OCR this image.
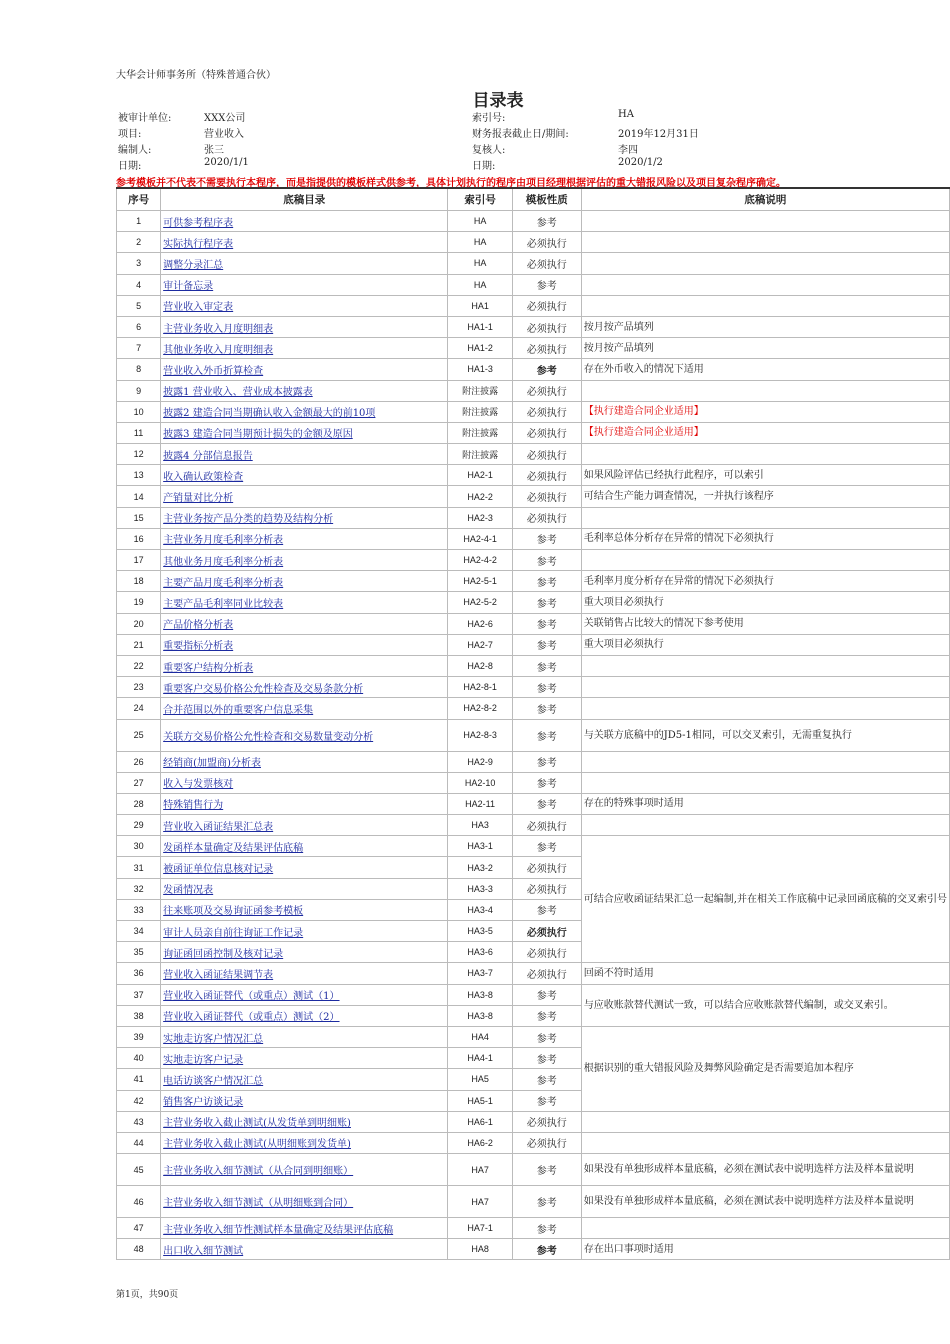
大华会计师事务所（特殊普通合伙）
目录表
被审计单位:	XXX公司
项目:	营业收入
编制人:	张三
日期:	2020/1/1
索引号:	HA
财务报表截止日/期间:	2019年12月31日
复核人:	李四
日期:	2020/1/2
参考模板并不代表不需要执行本程序，而是指提供的模板样式供参考，具体计划执行的程序由项目经理根据评估的重大错报风险以及项目复杂程序确定。
序号	底稿目录	索引号	模板性质	底稿说明
1	可供参考程序表	HA	参考	
2	实际执行程序表	HA	必须执行	
3	调整分录汇总	HA	必须执行	
4	审计备忘录	HA	参考	
5	营业收入审定表	HA1	必须执行	
6	主营业务收入月度明细表	HA1-1	必须执行	按月按产品填列
7	其他业务收入月度明细表	HA1-2	必须执行	按月按产品填列
8	营业收入外币折算检查	HA1-3	参考	存在外币收入的情况下适用
9	披露1 营业收入、营业成本披露表	附注披露	必须执行	
10	披露2 建造合同当期确认收入金额最大的前10项	附注披露	必须执行	【执行建造合同企业适用】
11	披露3 建造合同当期预计损失的金额及原因	附注披露	必须执行	【执行建造合同企业适用】
12	披露4 分部信息报告	附注披露	必须执行	
13	收入确认政策检查	HA2-1	必须执行	如果风险评估已经执行此程序，可以索引
14	产销量对比分析	HA2-2	必须执行	可结合生产能力调查情况，一并执行该程序
15	主营业务按产品分类的趋势及结构分析	HA2-3	必须执行	
16	主营业务月度毛利率分析表	HA2-4-1	参考	毛利率总体分析存在异常的情况下必须执行
17	其他业务月度毛利率分析表	HA2-4-2	参考	
18	主要产品月度毛利率分析表	HA2-5-1	参考	毛利率月度分析存在异常的情况下必须执行
19	主要产品毛利率同业比较表	HA2-5-2	参考	重大项目必须执行
20	产品价格分析表	HA2-6	参考	关联销售占比较大的情况下参考使用
21	重要指标分析表	HA2-7	参考	重大项目必须执行
22	重要客户结构分析表	HA2-8	参考	
23	重要客户交易价格公允性检查及交易条款分析	HA2-8-1	参考	
24	合并范围以外的重要客户信息采集	HA2-8-2	参考	
25	关联方交易价格公允性检查和交易数量变动分析	HA2-8-3	参考	与关联方底稿中的JD5-1相同，可以交叉索引，无需重复执行
26	经销商(加盟商)分析表	HA2-9	参考	
27	收入与发票核对	HA2-10	参考	
28	特殊销售行为	HA2-11	参考	存在的特殊事项时适用
29	营业收入函证结果汇总表	HA3	必须执行	
30	发函样本量确定及结果评估底稿	HA3-1	参考	可结合应收函证结果汇总一起编制,并在相关工作底稿中记录回函底稿的交叉索引号
31	被函证单位信息核对记录	HA3-2	必须执行	
32	发函情况表	HA3-3	必须执行	
33	往来账项及交易询证函参考模板	HA3-4	参考	
34	审计人员亲自前往询证工作记录	HA3-5	必须执行	
35	询证函回函控制及核对记录	HA3-6	必须执行	
36	营业收入函证结果调节表	HA3-7	必须执行	回函不符时适用
37	营业收入函证替代（或重点）测试（1）	HA3-8	参考	与应收账款替代测试一致，可以结合应收账款替代编制，或交叉索引。
38	营业收入函证替代（或重点）测试（2）	HA3-8	参考	
39	实地走访客户情况汇总	HA4	参考	根据识别的重大错报风险及舞弊风险确定是否需要追加本程序
40	实地走访客户记录	HA4-1	参考	
41	电话访谈客户情况汇总	HA5	参考	
42	销售客户访谈记录	HA5-1	参考	
43	主营业务收入截止测试(从发货单到明细账)	HA6-1	必须执行	
44	主营业务收入截止测试(从明细账到发货单)	HA6-2	必须执行	
45	主营业务收入细节测试（从合同到明细账）	HA7	参考	如果没有单独形成样本量底稿，必须在测试表中说明选样方法及样本量说明
46	主营业务收入细节测试（从明细账到合同）	HA7	参考	如果没有单独形成样本量底稿，必须在测试表中说明选样方法及样本量说明
47	主营业务收入细节性测试样本量确定及结果评估底稿	HA7-1	参考	
48	出口收入细节测试	HA8	参考	存在出口事项时适用
第1页，共90页
